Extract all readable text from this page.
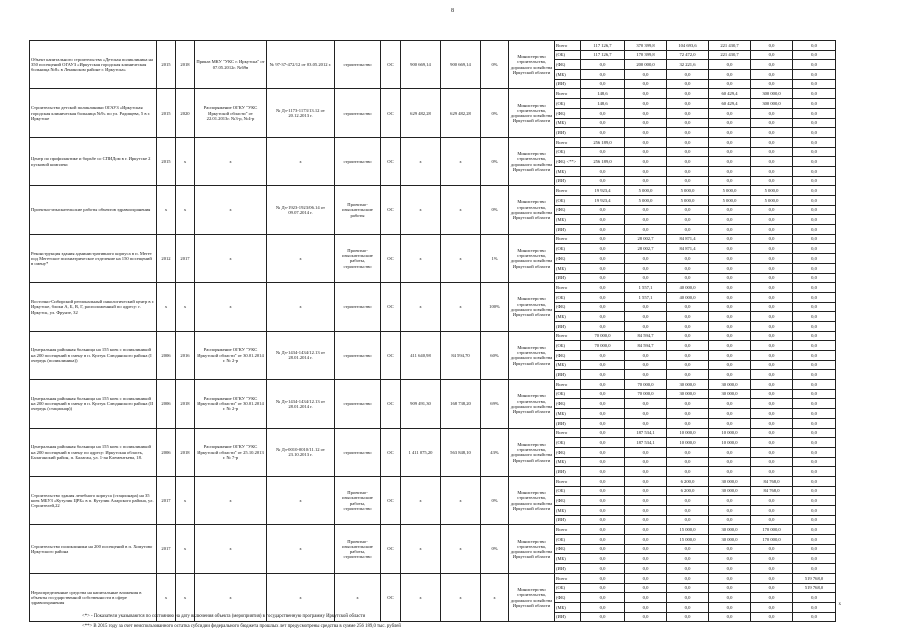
8
Объект капитального строительства «Детская поликлиника на 350 посещений ОГАУЗ «Иркутская городская клиническая больница №8» в Ленинском районе г. Иркутска»	2015	2018	Приказ МКУ "УКС г. Иркутска" от 07.05.2012г. №69в	№ 97-37-472/12 от 03.05.2012 г.	строительство	ОС	900 669,14	900 669,14	0%	Министерство строительства, дорожного хозяйства Иркутской области	Всего	117 126,7	370 399,8	104 693,6	221 430,7	0,0	0,0
											(ОБ)	117 126,7	170 399,8	72 472,0	221 430,7	0,0	0,0
											(ФБ)	0,0	200 000,0	32 221,6	0,0	0,0	0,0
											(МБ)	0,0	0,0	0,0	0,0	0,0	0,0
											(ИИ)	0,0	0,0	0,0	0,0	0,0	0,0
Строительство детской поликлиники ОГАУЗ «Иркутская городская клиническая больница №9» по ул. Радищева, 5 в г. Иркутске	2015	2020	Распоряжение ОГКУ "УКС Иркутской области" от 22.01.2013г. №3-р, №4-р	№ Дз-1173-1173/13.12 от 20.12.2013 г.	строительство	ОС	629 482,28	629 482,28	0%	Министерство строительства, дорожного хозяйства Иркутской области	Всего	148,6	0,0	0,0	60 429,4	300 000,0	0,0
											(ОБ)	148,6	0,0	0,0	60 429,4	300 000,0	0,0
											(ФБ)	0,0	0,0	0,0	0,0	0,0	0,0
											(МБ)	0,0	0,0	0,0	0,0	0,0	0,0
											(ИИ)	0,0	0,0	0,0	0,0	0,0	0,0
Центр по профилактике и борьбе со СПИДом в г. Иркутске 2 пусковой комплекс	2015	x	x	x	строительство	ОС	x	x	0%	Министерство строительства, дорожного хозяйства Иркутской области	Всего	256 189,0	0,0	0,0	0,0	0,0	0,0
											(ОБ)	0,0	0,0	0,0	0,0	0,0	0,0
											(ФБ) <**>	256 189,0	0,0	0,0	0,0	0,0	0,0
											(МБ)	0,0	0,0	0,0	0,0	0,0	0,0
											(ИИ)	0,0	0,0	0,0	0,0	0,0	0,0
Проектно-изыскательские работы объектов здравоохранения	x	x	x	№ Дз-1923-1923/06.14 от 09.07.2014 г.	Проектно-изыскательские работы	ОС	x	x	0%	Министерство строительства, дорожного хозяйства Иркутской области	Всего	19 923,4	5 000,0	5 000,0	5 000,0	5 000,0	0,0
											(ОБ)	19 923,4	5 000,0	5 000,0	5 000,0	5 000,0	0,0
											(ФБ)	0,0	0,0	0,0	0,0	0,0	0,0
											(МБ)	0,0	0,0	0,0	0,0	0,0	0,0
											(ИИ)	0,0	0,0	0,0	0,0	0,0	0,0
Реконструкция здания административного корпуса в п. Мегет под Мегетское психиатрическое отделение на 150 посещений в смену*	2012	2017	x	x	Проектно-изыскательские работы, строительство	ОС	x	x	1%	Министерство строительства, дорожного хозяйства Иркутской области	Всего	0,0	28 002,7	84 871,4	0,0	0,0	0,0
											(ОБ)	0,0	28 002,7	84 871,4	0,0	0,0	0,0
											(ФБ)	0,0	0,0	0,0	0,0	0,0	0,0
											(МБ)	0,0	0,0	0,0	0,0	0,0	0,0
											(ИИ)	0,0	0,0	0,0	0,0	0,0	0,0
Восточно-Сибирский региональный онкологический центр в г. Иркутске, блоки А, Б, В, Г, расположенный по адресу: г. Иркутск, ул. Фрунзе, 32	x	x	x	x	строительство	ОС	x	x	100%	Министерство строительства, дорожного хозяйства Иркутской области	Всего	0,0	1 557,1	40 000,0	0,0	0,0	0,0
											(ОБ)	0,0	1 557,1	40 000,0	0,0	0,0	0,0
											(ФБ)	0,0	0,0	0,0	0,0	0,0	0,0
											(МБ)	0,0	0,0	0,0	0,0	0,0	0,0
											(ИИ)	0,0	0,0	0,0	0,0	0,0	0,0
Центральная районная больница на 155 коек с поликлиникой на 200 посещений в смену в п. Култук Слюдянского района (I очередь (поликлиника))	2006	2016	Распоряжение ОГКУ "УКС Иркутской области" от 30.01.2014 г. № 2-р	№ Дз-1434-1434/12.13 от 28.01.2014 г.	строительство	ОС	411 640,98	84 594,70	60%	Министерство строительства, дорожного хозяйства Иркутской области	Всего	70 000,0	84 594,7	0,0	0,0	0,0	0,0
											(ОБ)	70 000,0	84 594,7	0,0	0,0	0,0	0,0
											(ФБ)	0,0	0,0	0,0	0,0	0,0	0,0
											(МБ)	0,0	0,0	0,0	0,0	0,0	0,0
											(ИИ)	0,0	0,0	0,0	0,0	0,0	0,0
Центральная районная больница на 155 коек с поликлиникой на 200 посещений в смену в п. Култук Слюдянского района (II очередь (стационар))	2006	2018	Распоряжение ОГКУ "УКС Иркутской области" от 30.01.2014 г. № 2-р	№ Дз-1434-1434/12.13 от 28.01.2014 г.	строительство	ОС	909 491,30	168 738,20	69%	Министерство строительства, дорожного хозяйства Иркутской области	Всего	0,0	70 000,0	30 000,0	30 000,0	0,0	0,0
											(ОБ)	0,0	70 000,0	30 000,0	30 000,0	0,0	0,0
											(ФБ)	0,0	0,0	0,0	0,0	0,0	0,0
											(МБ)	0,0	0,0	0,0	0,0	0,0	0,0
											(ИИ)	0,0	0,0	0,0	0,0	0,0	0,0
Центральная районная больница на 155 коек с поликлиникой на 200 посещений в смену по адресу: Иркутская область, Балаганский район, п. Балаган, ул. 1-ая Клементьева, 18.	2006	2018	Распоряжение ОГКУ "УКС Иркутской области" от 25.10.2013 г. № 7-р	№ Дз-0010-0010/11.12 от 23.10.2013 г.	строительство	ОС	1 411 075,20	563 848,10	43%	Министерство строительства, дорожного хозяйства Иркутской области	Всего	0,0	187 534,1	10 000,0	10 000,0	0,0	0,0
											(ОБ)	0,0	187 534,1	10 000,0	10 000,0	0,0	0,0
											(ФБ)	0,0	0,0	0,0	0,0	0,0	0,0
											(МБ)	0,0	0,0	0,0	0,0	0,0	0,0
											(ИИ)	0,0	0,0	0,0	0,0	0,0	0,0
Строительство здания лечебного корпуса (стационара) на 35 коек МБУЗ «Кутулик ЦРБ» в п. Кутулик Аларского района, ул. Строителей,22	2017	x	x	x	Проектно-изыскательские работы, строительство	ОС	x	x	0%	Министерство строительства, дорожного хозяйства Иркутской области	Всего	0,0	0,0	6 200,0	30 000,0	84 768,0	0,0
											(ОБ)	0,0	0,0	6 200,0	30 000,0	84 768,0	0,0
											(ФБ)	0,0	0,0	0,0	0,0	0,0	0,0
											(МБ)	0,0	0,0	0,0	0,0	0,0	0,0
											(ИИ)	0,0	0,0	0,0	0,0	0,0	0,0
Строительство поликлиники на 200 посещений в п. Хомутово Иркутского района	2017	x	x	x	Проектно-изыскательские работы, строительство	ОС	x	x	0%	Министерство строительства, дорожного хозяйства Иркутской области	Всего	0,0	0,0	15 000,0	30 000,0	170 000,0	0,0
											(ОБ)	0,0	0,0	15 000,0	30 000,0	170 000,0	0,0
											(ФБ)	0,0	0,0	0,0	0,0	0,0	0,0
											(МБ)	0,0	0,0	0,0	0,0	0,0	0,0
											(ИИ)	0,0	0,0	0,0	0,0	0,0	0,0
Нераспределенные средства на капитальные вложения в объекты государственной собственности в сфере здравоохранения	x	x	x	x	x	ОС	x	x	x	Министерство строительства, дорожного хозяйства Иркутской области	Всего	0,0	0,0	0,0	0,0	0,0	519 768,0
											(ОБ)	0,0	0,0	0,0	0,0	0,0	519 768,0
											(ФБ)	0,0	0,0	0,0	0,0	0,0	0,0
											(МБ)	0,0	0,0	0,0	0,0	0,0	0,0
											(ИИ)	0,0	0,0	0,0	0,0	0,0	0,0
<*> - Показатели указываются по состоянию на дату включения объекта (мероприятия) в государственную программу Иркутской области
<**> В 2015 году за счет неиспользованного остатка субсидии федерального бюджета прошлых лет предусмотрены средства в сумме 256 189,0 тыс. рублей
x
